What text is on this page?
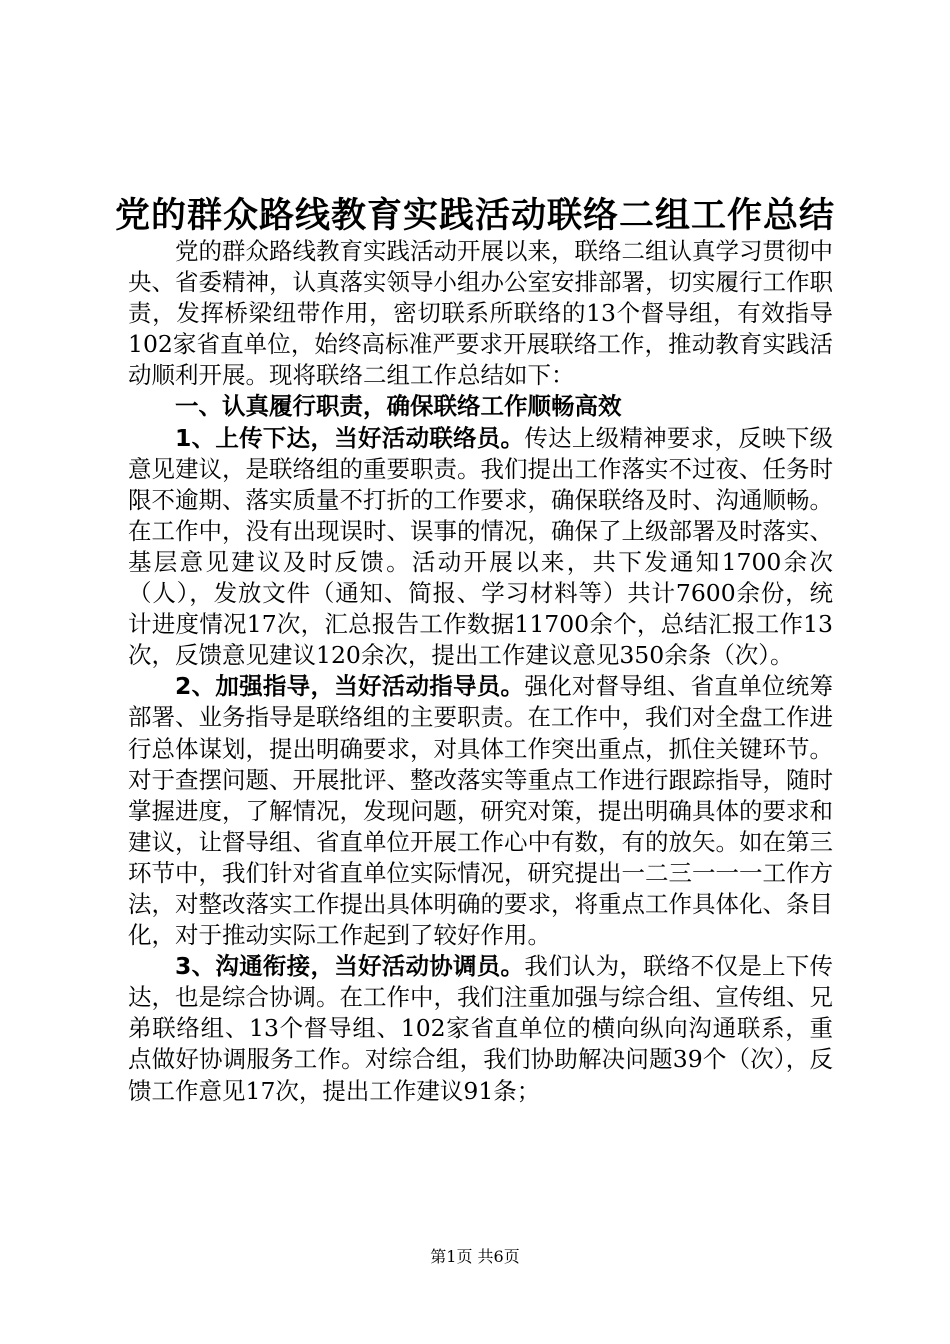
党的群众路线教育实践活动联络二组工作总结

党的群众路线教育实践活动开展以来，联络二组认真学习贯彻中央、省委精神，认真落实领导小组办公室安排部署，切实履行工作职责，发挥桥梁纽带作用，密切联系所联络的13个督导组，有效指导102家省直单位，始终高标准严要求开展联络工作，推动教育实践活动顺利开展。现将联络二组工作总结如下：

一、认真履行职责，确保联络工作顺畅高效

1、上传下达，当好活动联络员。传达上级精神要求，反映下级意见建议，是联络组的重要职责。我们提出工作落实不过夜、任务时限不逾期、落实质量不打折的工作要求，确保联络及时、沟通顺畅。在工作中，没有出现误时、误事的情况，确保了上级部署及时落实、基层意见建议及时反馈。活动开展以来，共下发通知1700余次（人），发放文件（通知、简报、学习材料等）共计7600余份，统计进度情况17次，汇总报告工作数据11700余个，总结汇报工作13次，反馈意见建议120余次，提出工作建议意见350余条（次）。

2、加强指导，当好活动指导员。强化对督导组、省直单位统筹部署、业务指导是联络组的主要职责。在工作中，我们对全盘工作进行总体谋划，提出明确要求，对具体工作突出重点，抓住关键环节。对于查摆问题、开展批评、整改落实等重点工作进行跟踪指导，随时掌握进度，了解情况，发现问题，研究对策，提出明确具体的要求和建议，让督导组、省直单位开展工作心中有数，有的放矢。如在第三环节中，我们针对省直单位实际情况，研究提出一二三一一一工作方法，对整改落实工作提出具体明确的要求，将重点工作具体化、条目化，对于推动实际工作起到了较好作用。

3、沟通衔接，当好活动协调员。我们认为，联络不仅是上下传达，也是综合协调。在工作中，我们注重加强与综合组、宣传组、兄弟联络组、13个督导组、102家省直单位的横向纵向沟通联系，重点做好协调服务工作。对综合组，我们协助解决问题39个（次），反馈工作意见17次，提出工作建议91条；

第1页 共6页
